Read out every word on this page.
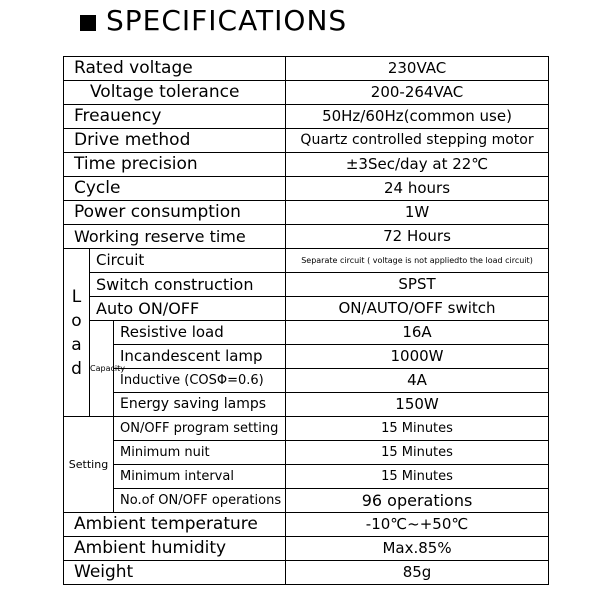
SPECIFICATIONS
Rated voltage			230VAC
Voltage tolerance			200-264VAC
Freauency			50Hz/60Hz(common use)
Drive method			Quartz controlled stepping motor
Time precision			±3Sec/day at 22℃
Cycle			24 hours
Power consumption			1W
Working reserve time			72 Hours

L
o
a
d	Circuit		Separate circuit ( voltage is not appliedto the load circuit)
	Switch construction		SPST
	Auto ON/OFF		ON/AUTO/OFF switch
	Capacity	Resistive load	16A
		Incandescent lamp	1000W
		Inductive (COSΦ=0.6)	4A
		Energy saving lamps	150W
Setting		ON/OFF program setting	15 Minutes
		Minimum nuit	15 Minutes
		Minimum interval	15 Minutes
		No.of ON/OFF operations	96 operations
Ambient temperature			-10℃~+50℃
Ambient humidity			Max.85%
Weight			85g
